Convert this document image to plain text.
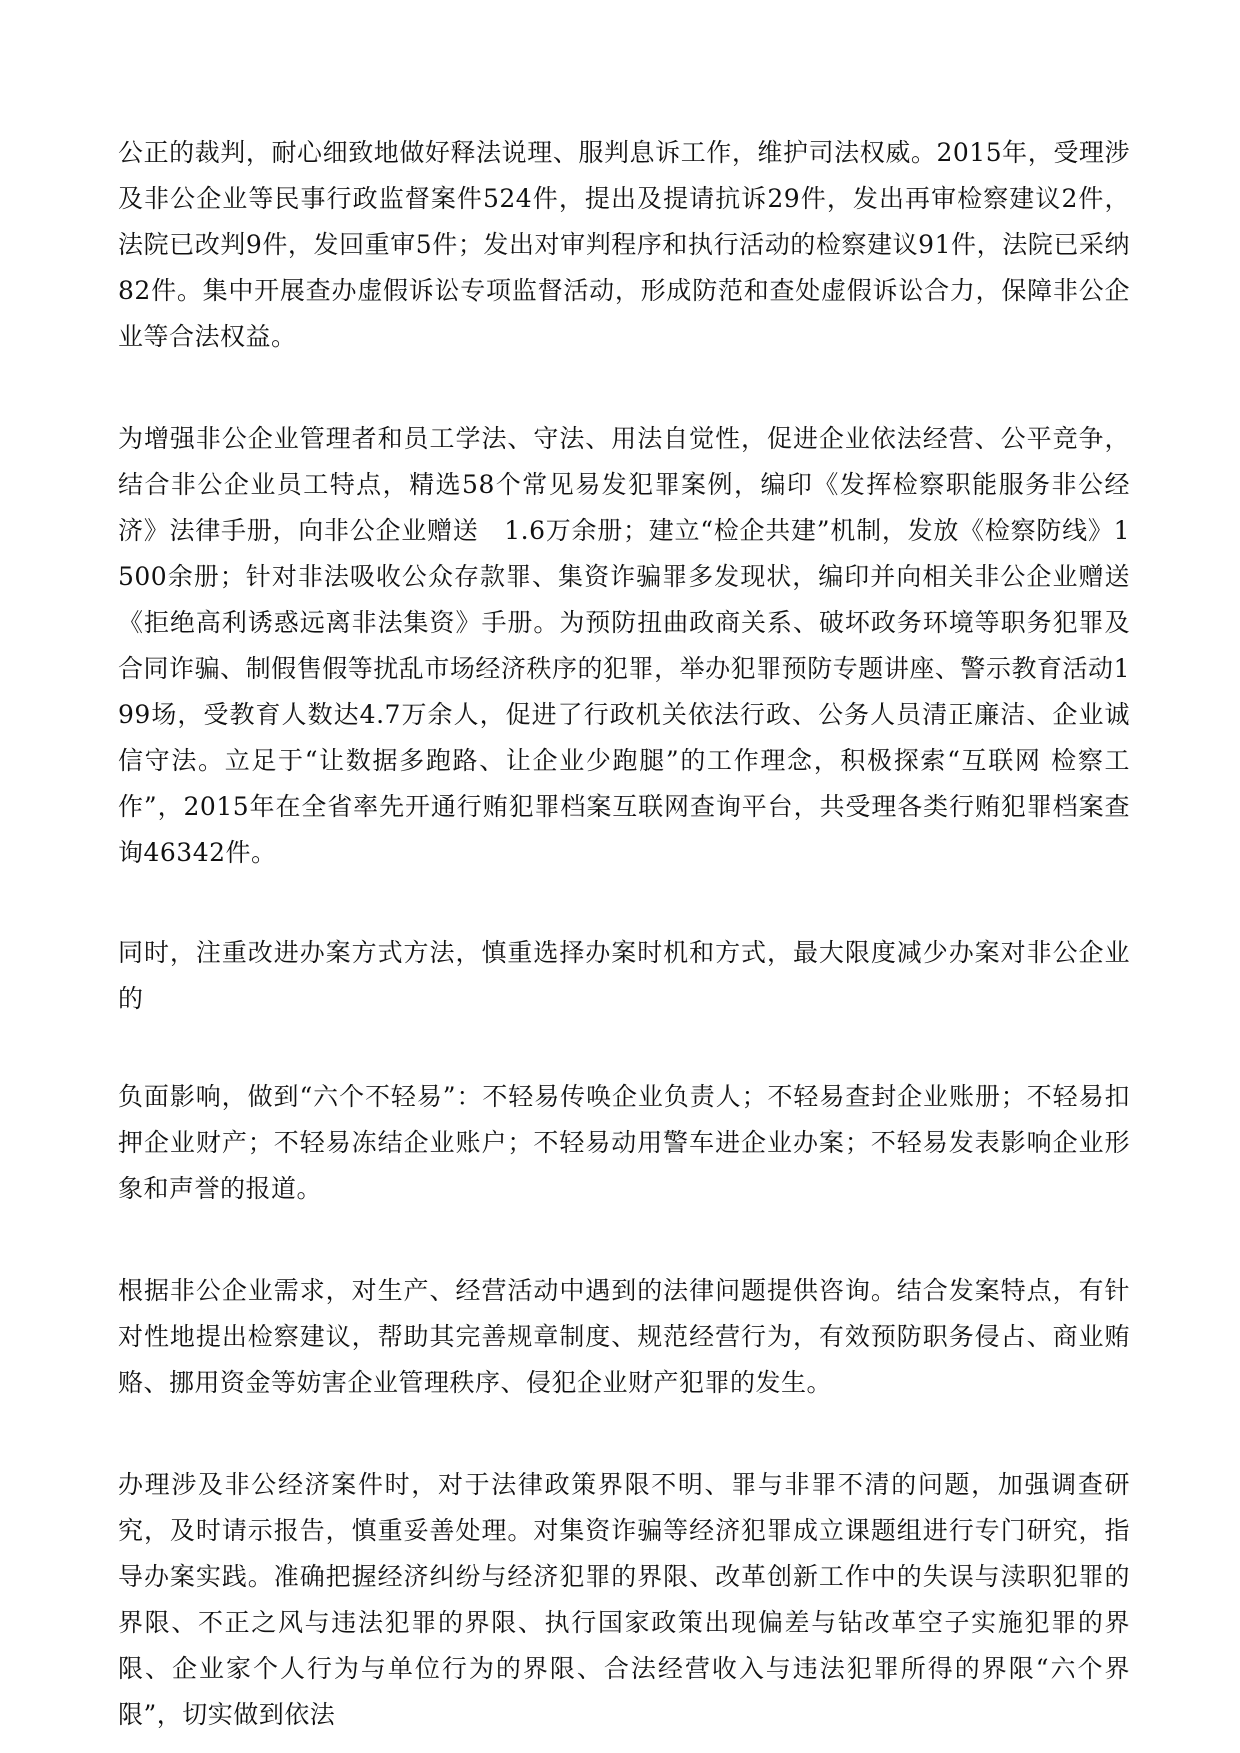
公正的裁判，耐心细致地做好释法说理、服判息诉工作，维护司法权威。2015年，受理涉及非公企业等民事行政监督案件524件，提出及提请抗诉29件，发出再审检察建议2件，法院已改判9件，发回重审5件；发出对审判程序和执行活动的检察建议91件，法院已采纳82件。集中开展查办虚假诉讼专项监督活动，形成防范和查处虚假诉讼合力，保障非公企业等合法权益。

为增强非公企业管理者和员工学法、守法、用法自觉性，促进企业依法经营、公平竞争，结合非公企业员工特点，精选58个常见易发犯罪案例，编印《发挥检察职能服务非公经济》法律手册，向非公企业赠送　1.6万余册；建立“检企共建”机制，发放《检察防线》1500余册；针对非法吸收公众存款罪、集资诈骗罪多发现状，编印并向相关非公企业赠送《拒绝高利诱惑远离非法集资》手册。为预防扭曲政商关系、破坏政务环境等职务犯罪及合同诈骗、制假售假等扰乱市场经济秩序的犯罪，举办犯罪预防专题讲座、警示教育活动199场，受教育人数达4.7万余人，促进了行政机关依法行政、公务人员清正廉洁、企业诚信守法。立足于“让数据多跑路、让企业少跑腿”的工作理念，积极探索“互联网 检察工作”，2015年在全省率先开通行贿犯罪档案互联网查询平台，共受理各类行贿犯罪档案查询46342件。

同时，注重改进办案方式方法，慎重选择办案时机和方式，最大限度减少办案对非公企业的

负面影响，做到“六个不轻易”：不轻易传唤企业负责人；不轻易查封企业账册；不轻易扣押企业财产；不轻易冻结企业账户；不轻易动用警车进企业办案；不轻易发表影响企业形象和声誉的报道。

根据非公企业需求，对生产、经营活动中遇到的法律问题提供咨询。结合发案特点，有针对性地提出检察建议，帮助其完善规章制度、规范经营行为，有效预防职务侵占、商业贿赂、挪用资金等妨害企业管理秩序、侵犯企业财产犯罪的发生。

办理涉及非公经济案件时，对于法律政策界限不明、罪与非罪不清的问题，加强调查研究，及时请示报告，慎重妥善处理。对集资诈骗等经济犯罪成立课题组进行专门研究，指导办案实践。准确把握经济纠纷与经济犯罪的界限、改革创新工作中的失误与渎职犯罪的界限、不正之风与违法犯罪的界限、执行国家政策出现偏差与钻改革空子实施犯罪的界限、企业家个人行为与单位行为的界限、合法经营收入与违法犯罪所得的界限“六个界限”，切实做到依法
